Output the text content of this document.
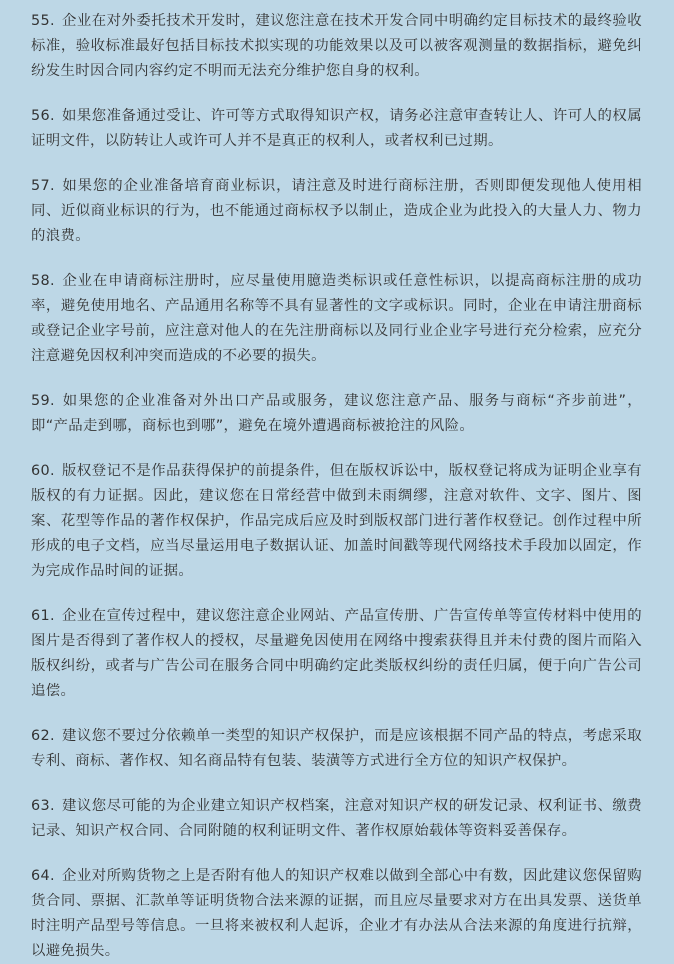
55. 企业在对外委托技术开发时，建议您注意在技术开发合同中明确约定目标技术的最终验收标准，验收标准最好包括目标技术拟实现的功能效果以及可以被客观测量的数据指标，避免纠纷发生时因合同内容约定不明而无法充分维护您自身的权利。

56. 如果您准备通过受让、许可等方式取得知识产权，请务必注意审查转让人、许可人的权属证明文件，以防转让人或许可人并不是真正的权利人，或者权利已过期。

57. 如果您的企业准备培育商业标识，请注意及时进行商标注册，否则即便发现他人使用相同、近似商业标识的行为，也不能通过商标权予以制止，造成企业为此投入的大量人力、物力的浪费。

58. 企业在申请商标注册时，应尽量使用臆造类标识或任意性标识，以提高商标注册的成功率，避免使用地名、产品通用名称等不具有显著性的文字或标识。同时，企业在申请注册商标或登记企业字号前，应注意对他人的在先注册商标以及同行业企业字号进行充分检索，应充分注意避免因权利冲突而造成的不必要的损失。

59. 如果您的企业准备对外出口产品或服务，建议您注意产品、服务与商标“齐步前进”，即“产品走到哪，商标也到哪”，避免在境外遭遇商标被抢注的风险。

60. 版权登记不是作品获得保护的前提条件，但在版权诉讼中，版权登记将成为证明企业享有版权的有力证据。因此，建议您在日常经营中做到未雨绸缪，注意对软件、文字、图片、图案、花型等作品的著作权保护，作品完成后应及时到版权部门进行著作权登记。创作过程中所形成的电子文档，应当尽量运用电子数据认证、加盖时间戳等现代网络技术手段加以固定，作为完成作品时间的证据。

61. 企业在宣传过程中，建议您注意企业网站、产品宣传册、广告宣传单等宣传材料中使用的图片是否得到了著作权人的授权，尽量避免因使用在网络中搜索获得且并未付费的图片而陷入版权纠纷，或者与广告公司在服务合同中明确约定此类版权纠纷的责任归属，便于向广告公司追偿。

62. 建议您不要过分依赖单一类型的知识产权保护，而是应该根据不同产品的特点，考虑采取专利、商标、著作权、知名商品特有包装、装潢等方式进行全方位的知识产权保护。

63. 建议您尽可能的为企业建立知识产权档案，注意对知识产权的研发记录、权利证书、缴费记录、知识产权合同、合同附随的权利证明文件、著作权原始载体等资料妥善保存。

64. 企业对所购货物之上是否附有他人的知识产权难以做到全部心中有数，因此建议您保留购货合同、票据、汇款单等证明货物合法来源的证据，而且应尽量要求对方在出具发票、送货单时注明产品型号等信息。一旦将来被权利人起诉，企业才有办法从合法来源的角度进行抗辩，以避免损失。
